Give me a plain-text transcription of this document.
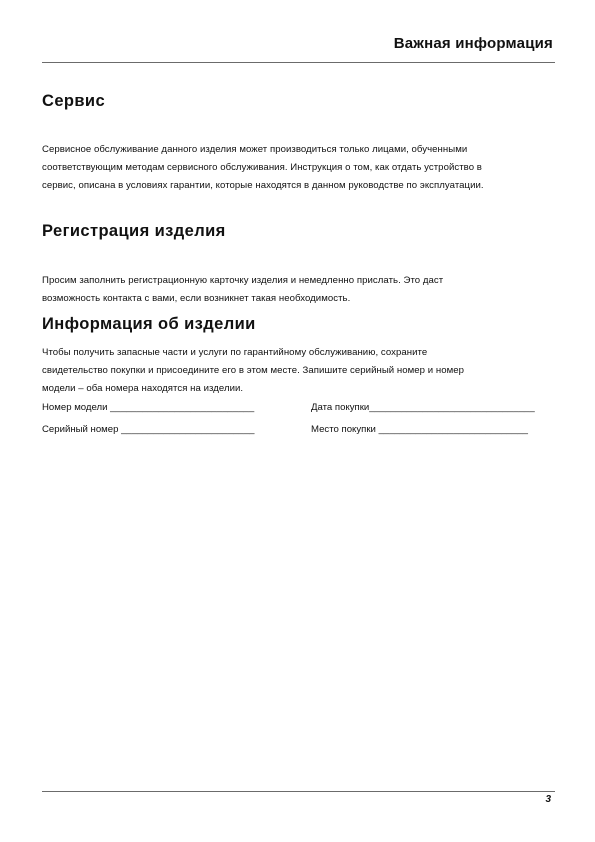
Важная информация
Сервис
Сервисное обслуживание данного изделия может производиться только лицами, обученными
соответствующим методам сервисного обслуживания. Инструкция о том, как отдать устройство в
сервис, описана в условиях гарантии, которые находятся в данном руководстве по эксплуатации.
Регистрация изделия
Просим заполнить регистрационную карточку изделия и немедленно прислать. Это даст
возможность контакта с вами, если возникнет такая необходимость.
Информация об изделии
Чтобы получить запасные части и услуги по гарантийному обслуживанию, сохраните
свидетельство покупки и присоедините его в этом месте. Запишите серийный номер и номер
модели – оба номера находятся на изделии.
Номер модели ___________________________	Дата покупки_______________________________
Серийный номер _________________________	Место покупки ____________________________
3
